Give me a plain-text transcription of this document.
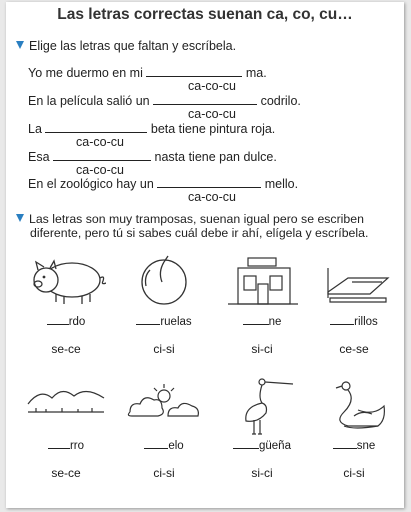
Las letras correctas suenan ca, co, cu…
Elige las letras que faltan y escríbela.
Yo me duermo en mi	ma.
ca-co-cu
En la película salió un	codrilo.
ca-co-cu
La	beta tiene pintura roja.
ca-co-cu
Esa	nasta tiene pan dulce.
ca-co-cu
En el zoológico hay un	mello.
ca-co-cu
Las letras son muy tramposas, suenan igual pero se escriben
diferente, pero tú si sabes cuál debe ir ahí, elígela y escríbela.
rdo
se-ce
ruelas
ci-si
ne
si-ci
rillos
ce-se
rro
se-ce
elo
ci-si
güeña
si-ci
sne
ci-si
